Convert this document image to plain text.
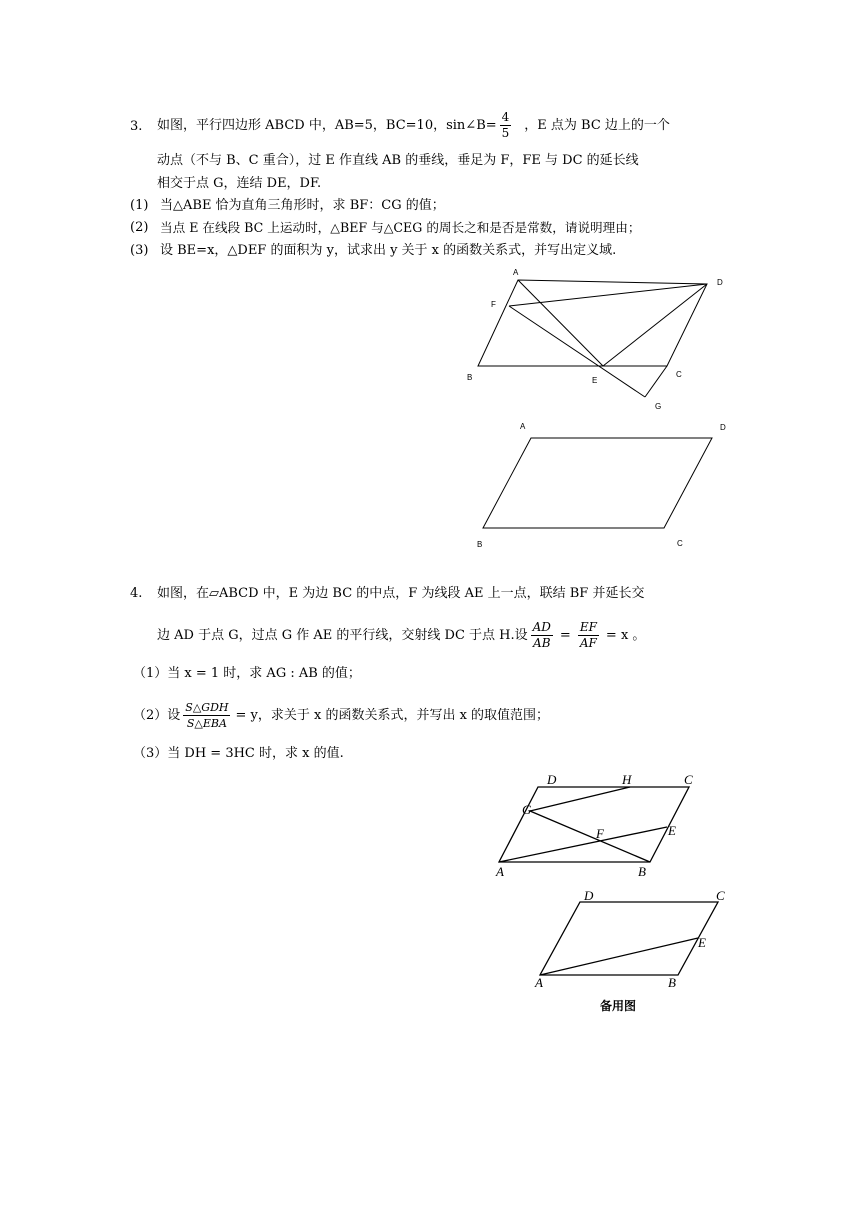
3. 如图，平行四边形 ABCD 中，AB=5，BC=10，sin∠B= $\frac{4}{5}$ ，E 点为 BC 边上的一个
动点（不与 B、C 重合），过 E 作直线 AB 的垂线，垂足为 F，FE 与 DC 的延长线
相交于点 G，连结 DE，DF.
(1) 当△ABE 恰为直角三角形时，求 BF：CG 的值；
(2) 当点 E 在线段 BC 上运动时，△BEF 与△CEG 的周长之和是否是常数，请说明理由；
(3) 设 BE=x，△DEF 的面积为 y，试求出 y 关于 x 的函数关系式，并写出定义域.
A
D
F
B	E
C
G
A	D
B	C
4. 如图，在▱ABCD 中，E 为边 BC 的中点，F 为线段 AE 上一点，联结 BF 并延长交
边 AD 于点 G，过点 G 作 AE 的平行线，交射线 DC 于点 H.设 $\frac{AD}{AB} = \frac{EF}{AF} = x$ 。
（1）当 x = 1 时，求 AG : AB 的值；
（2）设 $\frac{\text{S△GDH}}{\text{S△EBA}} = y$，求关于 x 的函数关系式，并写出 x 的取值范围；
（3）当 DH = 3HC 时，求 x 的值.
D	H	C
G
F	E
A	B
D	C
E
A	B
备用图
